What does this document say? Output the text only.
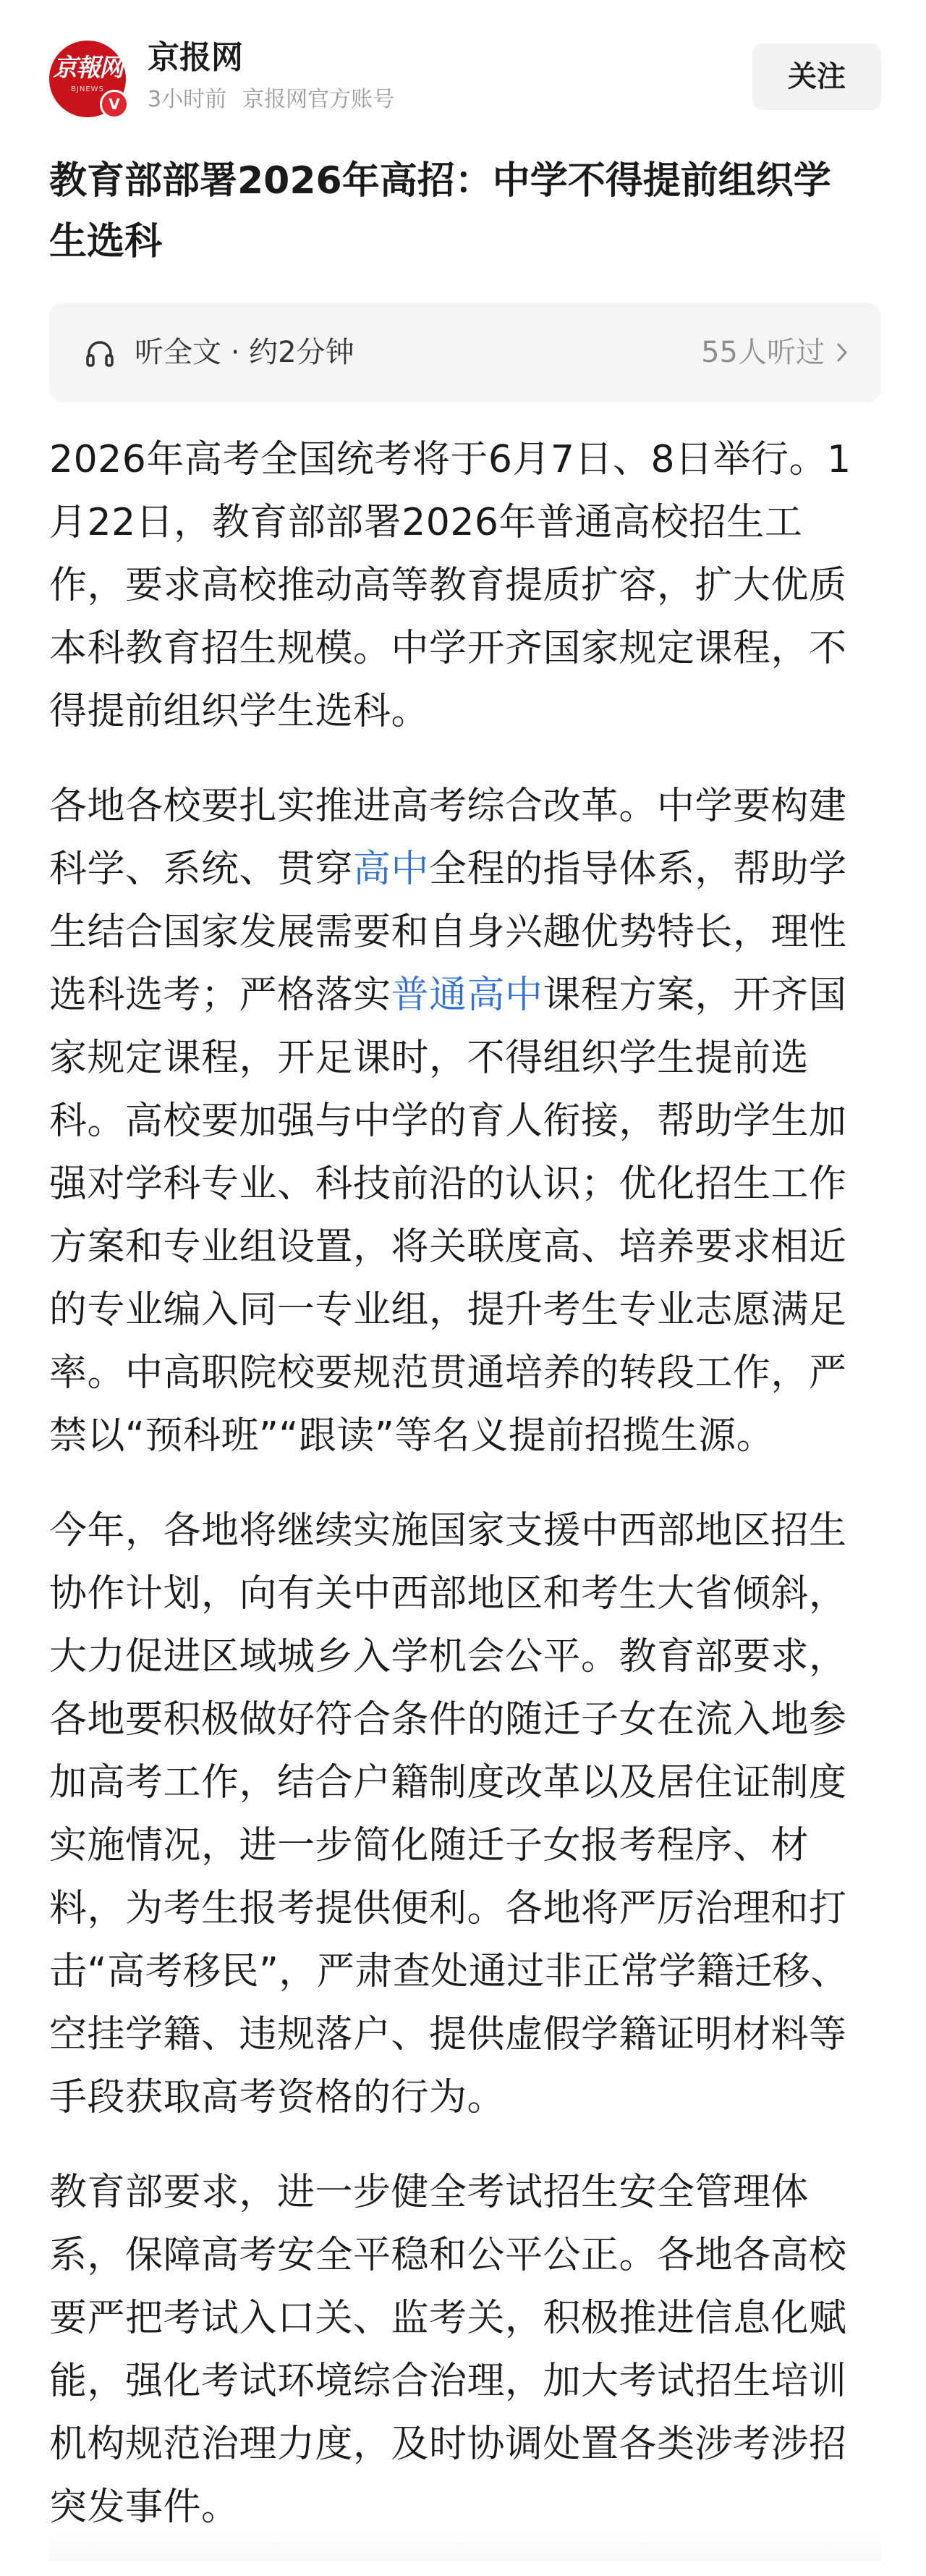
京報网
BJNEWS
V
京报网
3小时前 京报网官方账号
关注
教育部部署2026年高招：中学不得提前组织学
生选科
听全文 · 约2分钟	55人听过

2026年高考全国统考将于6月7日、8日举行。1
月22日，教育部部署2026年普通高校招生工
作，要求高校推动高等教育提质扩容，扩大优质
本科教育招生规模。中学开齐国家规定课程，不
得提前组织学生选科。

各地各校要扎实推进高考综合改革。中学要构建
科学、系统、贯穿高中全程的指导体系，帮助学
生结合国家发展需要和自身兴趣优势特长，理性
选科选考；严格落实普通高中课程方案，开齐国
家规定课程，开足课时，不得组织学生提前选
科。高校要加强与中学的育人衔接，帮助学生加
强对学科专业、科技前沿的认识；优化招生工作
方案和专业组设置，将关联度高、培养要求相近
的专业编入同一专业组，提升考生专业志愿满足
率。中高职院校要规范贯通培养的转段工作，严
禁以“预科班”“跟读”等名义提前招揽生源。

今年，各地将继续实施国家支援中西部地区招生
协作计划，向有关中西部地区和考生大省倾斜，
大力促进区域城乡入学机会公平。教育部要求，
各地要积极做好符合条件的随迁子女在流入地参
加高考工作，结合户籍制度改革以及居住证制度
实施情况，进一步简化随迁子女报考程序、材
料，为考生报考提供便利。各地将严厉治理和打
击“高考移民”，严肃查处通过非正常学籍迁移、
空挂学籍、违规落户、提供虚假学籍证明材料等
手段获取高考资格的行为。

教育部要求，进一步健全考试招生安全管理体
系，保障高考安全平稳和公平公正。各地各高校
要严把考试入口关、监考关，积极推进信息化赋
能，强化考试环境综合治理，加大考试招生培训
机构规范治理力度，及时协调处置各类涉考涉招
突发事件。
